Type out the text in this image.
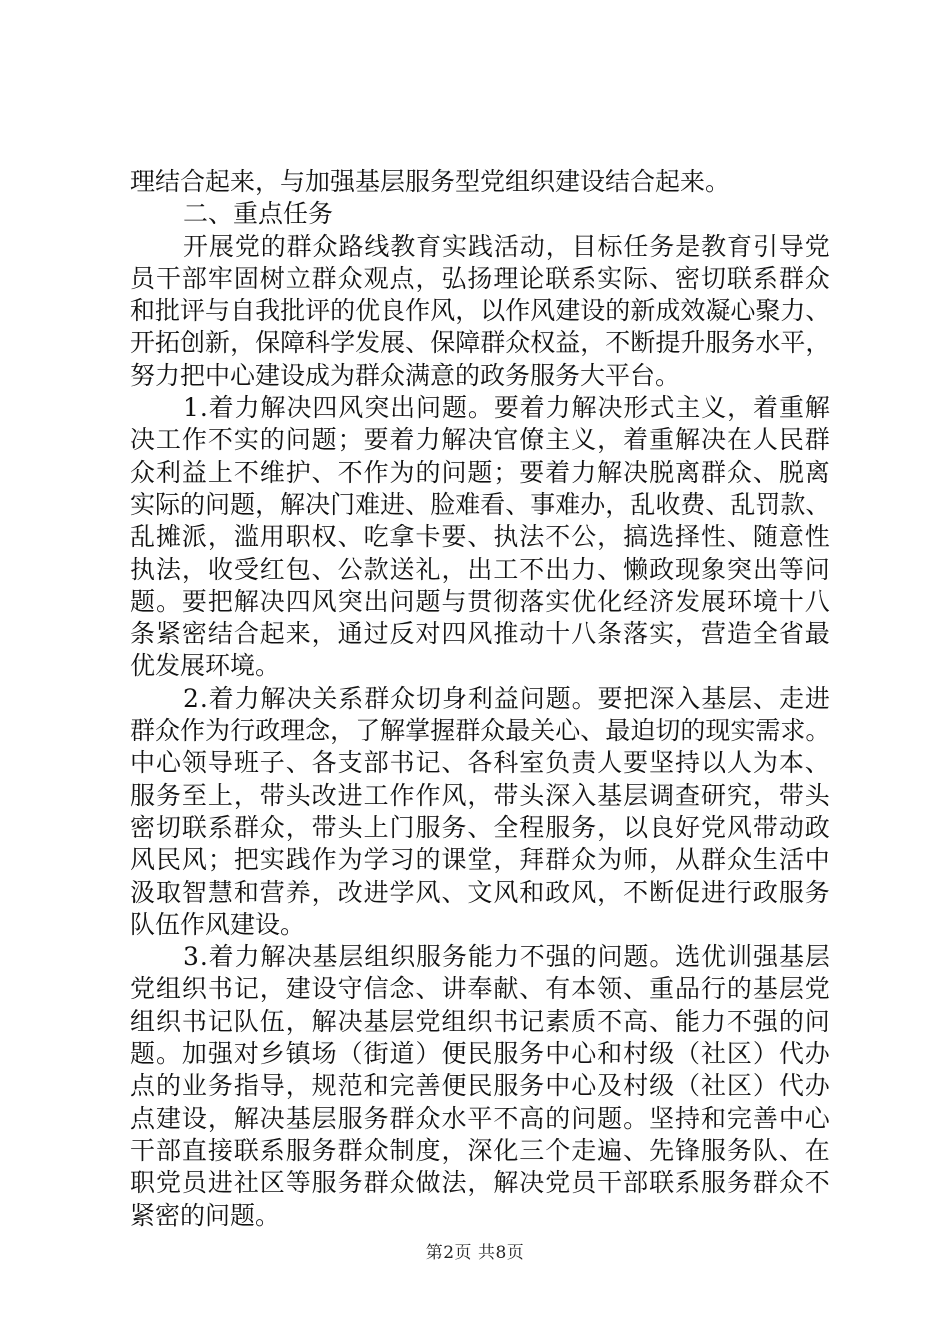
理结合起来，与加强基层服务型党组织建设结合起来。
二、重点任务
开 展 党 的 群 众 路 线 教 育 实 践 活 动 ， 目 标 任 务 是 教 育 引 导 党
员 干 部 牢 固 树 立 群 众 观 点 ， 弘 扬 理 论 联 系 实 际 、 密 切 联 系 群 众
和 批 评 与 自 我 批 评 的 优 良 作 风 ， 以 作 风 建 设 的 新 成 效 凝 心 聚 力 、
开 拓 创 新 ， 保 障 科 学 发 展 、 保 障 群 众 权 益 ， 不 断 提 升 服 务 水 平 ，
努力把中心建设成为群众满意的政务服务大平台。
1 . 着 力 解 决 四 风 突 出 问 题 。 要 着 力 解 决 形 式 主 义 ， 着 重 解
决 工 作 不 实 的 问 题 ； 要 着 力 解 决 官 僚 主 义 ， 着 重 解 决 在 人 民 群
众 利 益 上 不 维 护 、 不 作 为 的 问 题 ； 要 着 力 解 决 脱 离 群 众 、 脱 离
实 际 的 问 题 ， 解 决 门 难 进 、 脸 难 看 、 事 难 办 ， 乱 收 费 、 乱 罚 款 、
乱 摊 派 ， 滥 用 职 权 、 吃 拿 卡 要 、 执 法 不 公 ， 搞 选 择 性 、 随 意 性
执 法 ， 收 受 红 包 、 公 款 送 礼 ， 出 工 不 出 力 、 懒 政 现 象 突 出 等 问
题 。 要 把 解 决 四 风 突 出 问 题 与 贯 彻 落 实 优 化 经 济 发 展 环 境 十 八
条 紧 密 结 合 起 来 ， 通 过 反 对 四 风 推 动 十 八 条 落 实 ， 营 造 全 省 最
优发展环境。
2 . 着 力 解 决 关 系 群 众 切 身 利 益 问 题 。 要 把 深 入 基 层 、 走 进
群 众 作 为 行 政 理 念 ， 了 解 掌 握 群 众 最 关 心 、 最 迫 切 的 现 实 需 求 。
中 心 领 导 班 子 、 各 支 部 书 记 、 各 科 室 负 责 人 要 坚 持 以 人 为 本 、
服 务 至 上 ， 带 头 改 进 工 作 作 风 ， 带 头 深 入 基 层 调 查 研 究 ， 带 头
密 切 联 系 群 众 ， 带 头 上 门 服 务 、 全 程 服 务 ， 以 良 好 党 风 带 动 政
风 民 风 ； 把 实 践 作 为 学 习 的 课 堂 ， 拜 群 众 为 师 ， 从 群 众 生 活 中
汲 取 智 慧 和 营 养 ， 改 进 学 风 、 文 风 和 政 风 ， 不 断 促 进 行 政 服 务
队伍作风建设。
3 . 着 力 解 决 基 层 组 织 服 务 能 力 不 强 的 问 题 。 选 优 训 强 基 层
党 组 织 书 记 ， 建 设 守 信 念 、 讲 奉 献 、 有 本 领 、 重 品 行 的 基 层 党
组 织 书 记 队 伍 ， 解 决 基 层 党 组 织 书 记 素 质 不 高 、 能 力 不 强 的 问
题 。 加 强 对 乡 镇 场 （ 街 道 ） 便 民 服 务 中 心 和 村 级 （ 社 区 ） 代 办
点 的 业 务 指 导 ， 规 范 和 完 善 便 民 服 务 中 心 及 村 级 （ 社 区 ） 代 办
点 建 设 ， 解 决 基 层 服 务 群 众 水 平 不 高 的 问 题 。 坚 持 和 完 善 中 心
干 部 直 接 联 系 服 务 群 众 制 度 ， 深 化 三 个 走 遍 、 先 锋 服 务 队 、 在
职 党 员 进 社 区 等 服 务 群 众 做 法 ， 解 决 党 员 干 部 联 系 服 务 群 众 不
紧密的问题。
第2页 共8页
